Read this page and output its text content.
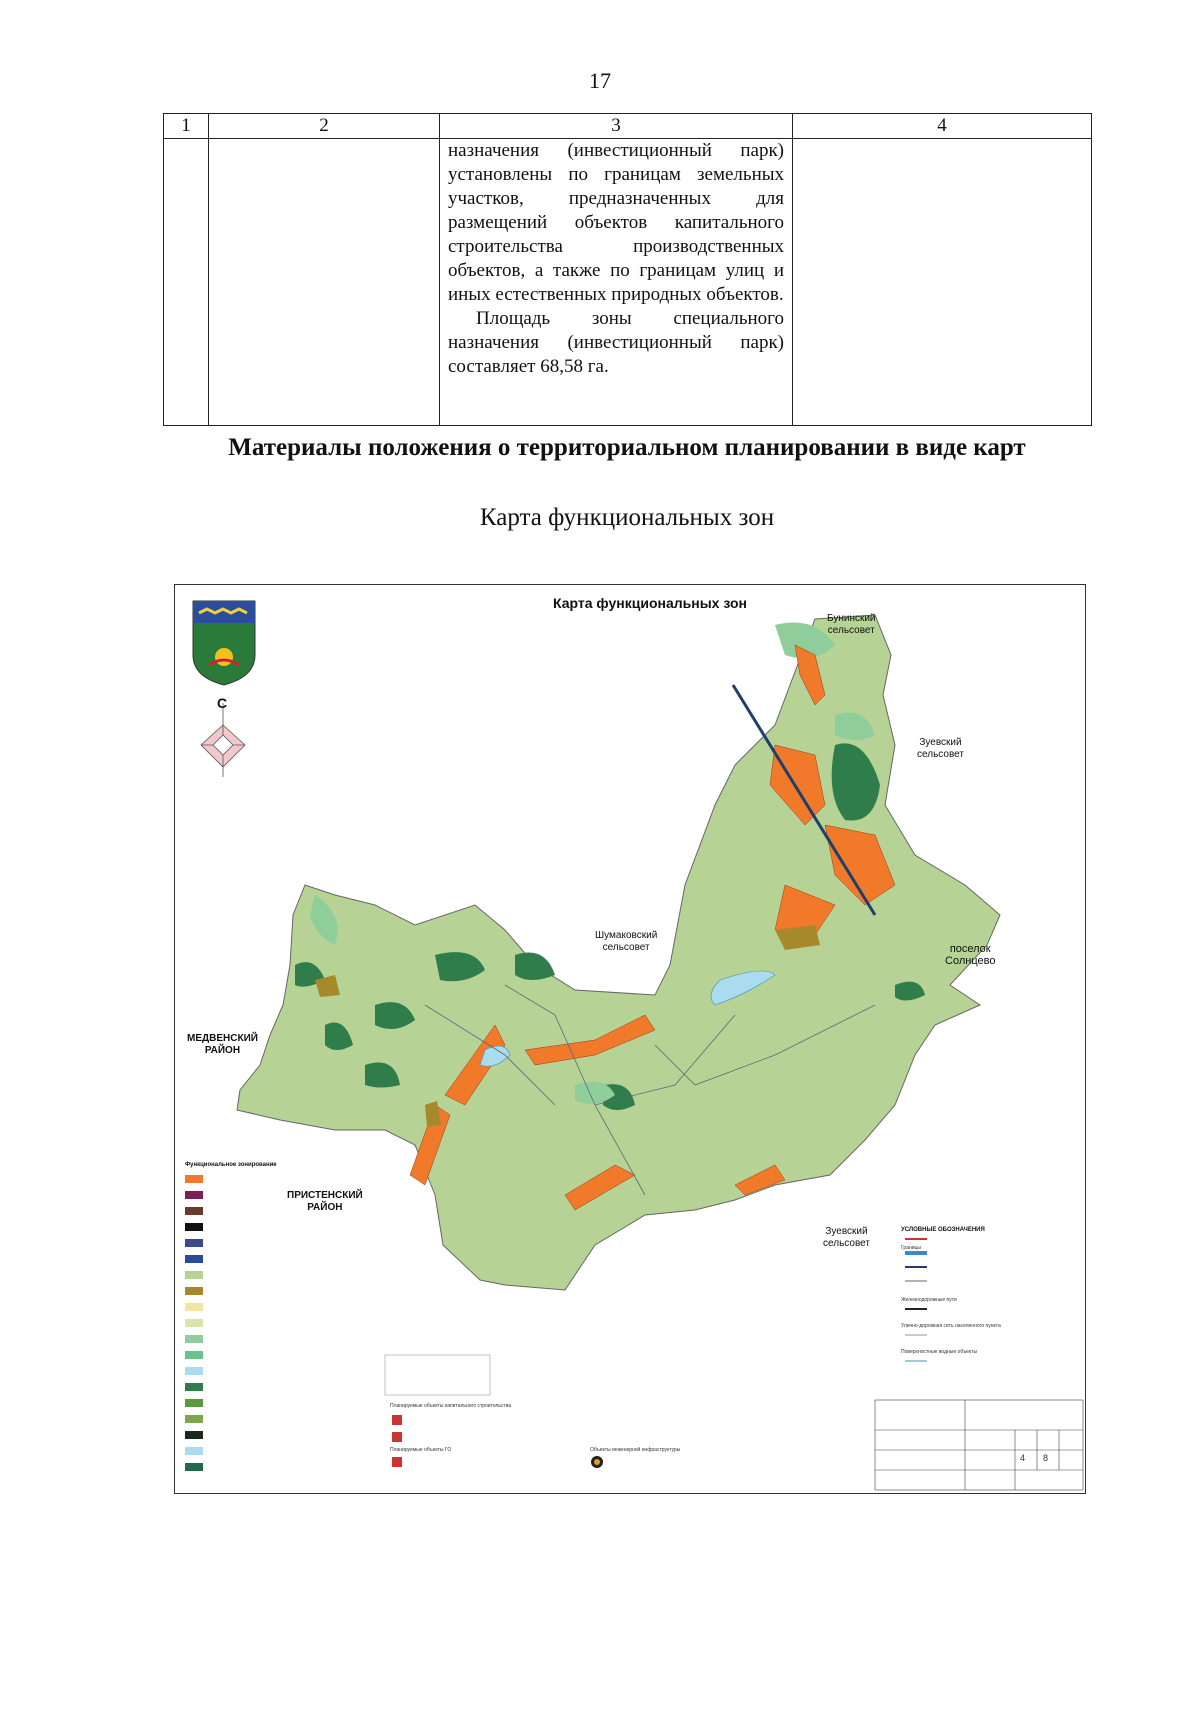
17
1	2	3	4

		назначения (инвестиционный парк) установлены по границам земельных участков, предназначенных для размещений объектов капитального строительства производственных объектов, а также по границам улиц и иных естественных природных объектов.

Площадь зоны специального назначения (инвестиционный парк) составляет 68,58 га.	

Материалы положения о территориальном планировании в виде карт
Карта функциональных зон
Карта функциональных зон
С
Бунинский
сельсовет
Зуевский
сельсовет
Шумаковский
сельсовет	поселок
Солнцево
МЕДВЕНСКИЙ
РАЙОН
ПРИСТЕНСКИЙ
РАЙОН
Зуевский
сельсовет
Функциональное зонирование
УСЛОВНЫЕ ОБОЗНАЧЕНИЯ
Границы
Железнодорожные пути
Улично-дорожная сеть населенного пункта
Поверхностные водные объекты
Планируемые объекты капитального строительства
Планируемые объекты ГО	Объекты инженерной инфраструктуры
4 8
